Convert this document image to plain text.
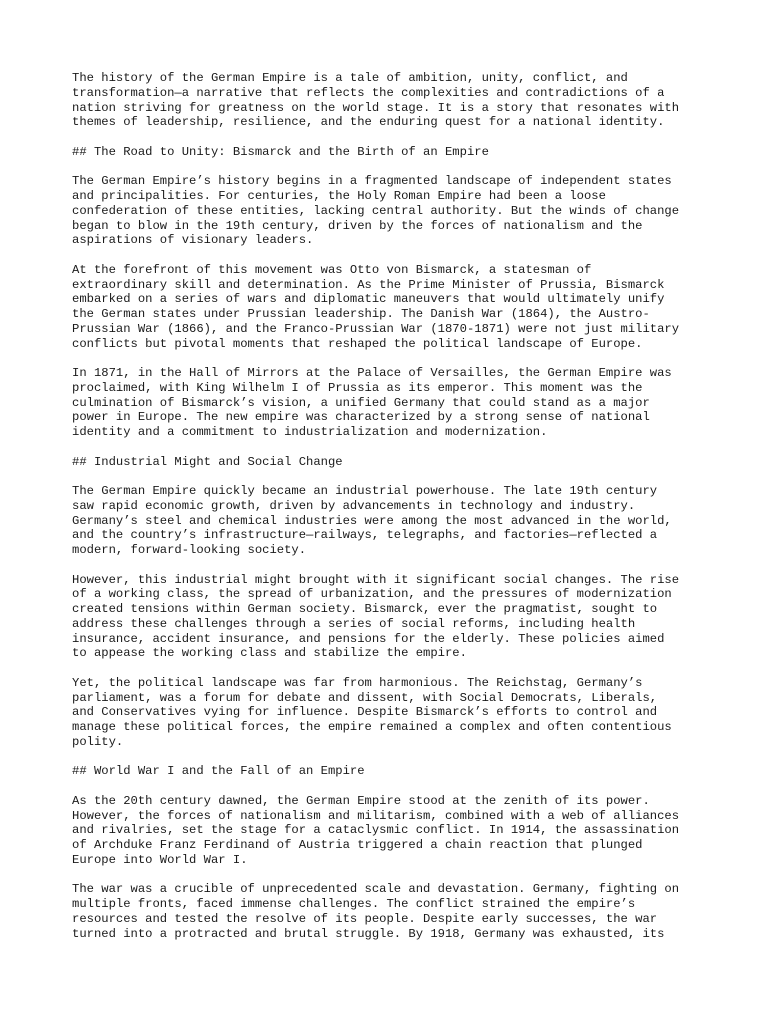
The history of the German Empire is a tale of ambition, unity, conflict, and
transformation—a narrative that reflects the complexities and contradictions of a
nation striving for greatness on the world stage. It is a story that resonates with
themes of leadership, resilience, and the enduring quest for a national identity.
## The Road to Unity: Bismarck and the Birth of an Empire
The German Empire’s history begins in a fragmented landscape of independent states
and principalities. For centuries, the Holy Roman Empire had been a loose
confederation of these entities, lacking central authority. But the winds of change
began to blow in the 19th century, driven by the forces of nationalism and the
aspirations of visionary leaders.
At the forefront of this movement was Otto von Bismarck, a statesman of
extraordinary skill and determination. As the Prime Minister of Prussia, Bismarck
embarked on a series of wars and diplomatic maneuvers that would ultimately unify
the German states under Prussian leadership. The Danish War (1864), the Austro-
Prussian War (1866), and the Franco-Prussian War (1870-1871) were not just military
conflicts but pivotal moments that reshaped the political landscape of Europe.
In 1871, in the Hall of Mirrors at the Palace of Versailles, the German Empire was
proclaimed, with King Wilhelm I of Prussia as its emperor. This moment was the
culmination of Bismarck’s vision, a unified Germany that could stand as a major
power in Europe. The new empire was characterized by a strong sense of national
identity and a commitment to industrialization and modernization.
## Industrial Might and Social Change
The German Empire quickly became an industrial powerhouse. The late 19th century
saw rapid economic growth, driven by advancements in technology and industry.
Germany’s steel and chemical industries were among the most advanced in the world,
and the country’s infrastructure—railways, telegraphs, and factories—reflected a
modern, forward-looking society.
However, this industrial might brought with it significant social changes. The rise
of a working class, the spread of urbanization, and the pressures of modernization
created tensions within German society. Bismarck, ever the pragmatist, sought to
address these challenges through a series of social reforms, including health
insurance, accident insurance, and pensions for the elderly. These policies aimed
to appease the working class and stabilize the empire.
Yet, the political landscape was far from harmonious. The Reichstag, Germany’s
parliament, was a forum for debate and dissent, with Social Democrats, Liberals,
and Conservatives vying for influence. Despite Bismarck’s efforts to control and
manage these political forces, the empire remained a complex and often contentious
polity.
## World War I and the Fall of an Empire
As the 20th century dawned, the German Empire stood at the zenith of its power.
However, the forces of nationalism and militarism, combined with a web of alliances
and rivalries, set the stage for a cataclysmic conflict. In 1914, the assassination
of Archduke Franz Ferdinand of Austria triggered a chain reaction that plunged
Europe into World War I.
The war was a crucible of unprecedented scale and devastation. Germany, fighting on
multiple fronts, faced immense challenges. The conflict strained the empire’s
resources and tested the resolve of its people. Despite early successes, the war
turned into a protracted and brutal struggle. By 1918, Germany was exhausted, its
